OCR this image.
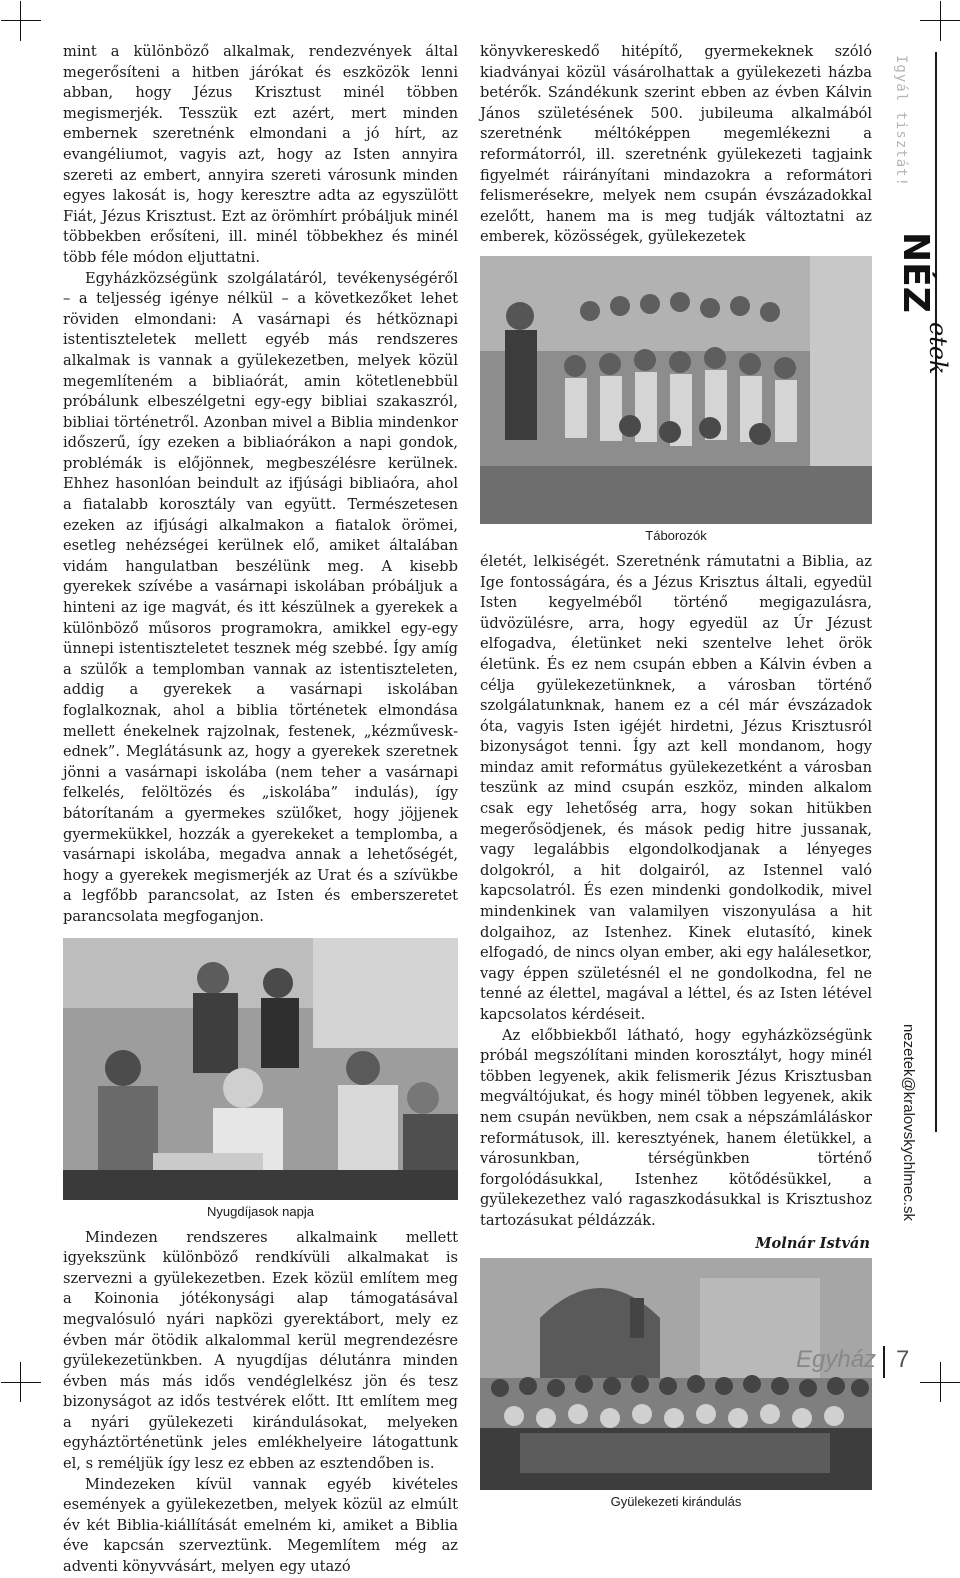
mint a különböző alkalmak, rendezvények által megerősíteni a hitben járókat és eszközök lenni abban, hogy Jézus Krisztust minél többen megismerjék. Tesszük ezt azért, mert minden embernek szeretnénk elmondani a jó hírt, az evangéliumot, vagyis azt, hogy az Isten annyira szereti az embert, annyira szereti városunk minden egyes lakosát is, hogy keresztre adta az egyszülött Fiát, Jézus Krisztust. Ezt az örömhírt próbáljuk minél többekben erősíteni, ill. minél többekhez és minél több féle módon eljuttatni.

Egyházközségünk szolgálatáról, tevékenységéről – a teljesség igénye nélkül – a következőket lehet röviden elmondani: A vasárnapi és hétköznapi istentiszteletek mellett egyéb más rendszeres alkalmak is vannak a gyülekezetben, melyek közül megemlíteném a bibliaórát, amin kötetlenebbül próbálunk elbeszélgetni egy-egy bibliai szakaszról, bibliai történetről. Azonban mivel a Biblia mindenkor időszerű, így ezeken a bibliaórákon a napi gondok, problémák is előjönnek, megbeszélésre kerülnek. Ehhez hasonlóan beindult az ifjúsági bibliaóra, ahol a fiatalabb korosztály van együtt. Természetesen ezeken az ifjúsági alkalmakon a fiatalok örömei, esetleg nehézségei kerülnek elő, amiket általában vidám hangulatban beszélünk meg. A kisebb gyerekek szívébe a vasárnapi iskolában próbáljuk a hinteni az ige magvát, és itt készülnek a gyerekek a különböző műsoros programokra, amikkel egy-egy ünnepi istentiszteletet tesznek még szebbé. Így amíg a szülők a templomban vannak az istentiszteleten, addig a gyerekek a vasárnapi iskolában foglalkoznak, ahol a biblia történetek elmondása mellett énekelnek rajzolnak, festenek, „kézműveskednek”. Meglátásunk az, hogy a gyerekek szeretnek jönni a vasárnapi iskolába (nem teher a vasárnapi felkelés, felöltözés és „iskolába” indulás), így bátorítanám a gyermekes szülőket, hogy jöjjenek gyermekükkel, hozzák a gyerekeket a templomba, a vasárnapi iskolába, megadva annak a lehetőségét, hogy a gyerekek megismerjék az Urat és a szívükbe a legfőbb parancsolat, az Isten és emberszeretet parancsolata megfoganjon.

Nyugdíjasok napja

Mindezen rendszeres alkalmaink mellett igyekszünk különböző rendkívüli alkalmakat is szervezni a gyülekezetben. Ezek közül említem meg a Koinonia jótékonysági alap támogatásával megvalósuló nyári napközi gyerektábort, mely ez évben már ötödik alkalommal kerül megrendezésre gyülekezetünkben. A nyugdíjas délutánra minden évben más más idős vendéglelkész jön és tesz bizonyságot az idős testvérek előtt. Itt említem meg a nyári gyülekezeti kirándulásokat, melyeken egyháztörténetünk jeles emlékhelyeire látogattunk el, s reméljük így lesz ez ebben az esztendőben is.

Mindezeken kívül vannak egyéb kivételes események a gyülekezetben, melyek közül az elmúlt év két Biblia-kiállítását emelném ki, amiket a Biblia éve kapcsán szerveztünk. Megemlítem még az adventi könyvvásárt, melyen egy utazó

könyvkereskedő hitépítő, gyermekeknek szóló kiadványai közül vásárolhattak a gyülekezeti házba betérők. Szándékunk szerint ebben az évben Kálvin János születésének 500. jubileuma alkalmából szeretnénk méltóképpen megemlékezni a reformátorról, ill. szeretnénk gyülekezeti tagjaink figyelmét ráirányítani mindazokra a reformátori felismerésekre, melyek nem csupán évszázadokkal ezelőtt, hanem ma is meg tudják változtatni az emberek, közösségek, gyülekezetek

Táborozók

életét, lelkiségét. Szeretnénk rámutatni a Biblia, az Ige fontosságára, és a Jézus Krisztus általi, egyedül Isten kegyelméből történő megigazulásra, üdvözülésre, arra, hogy egyedül az Úr Jézust elfogadva, életünket neki szentelve lehet örök életünk. És ez nem csupán ebben a Kálvin évben a célja gyülekezetünknek, a városban történő szolgálatunknak, hanem ez a cél már évszázadok óta, vagyis Isten igéjét hirdetni, Jézus Krisztusról bizonyságot tenni. Így azt kell mondanom, hogy mindaz amit református gyülekezetként a városban teszünk az mind csupán eszköz, minden alkalom csak egy lehetőség arra, hogy sokan hitükben megerősödjenek, és mások pedig hitre jussanak, vagy legalábbis elgondolkodjanak a lényeges dolgokról, a hit dolgairól, az Istennel való kapcsolatról. És ezen mindenki gondolkodik, mivel mindenkinek van valamilyen viszonyulása a hit dolgaihoz, az Istenhez. Kinek elutasító, kinek elfogadó, de nincs olyan ember, aki egy halálesetkor, vagy éppen születésnél el ne gondolkodna, fel ne tenné az élettel, magával a léttel, és az Isten létével kapcsolatos kérdéseit.

Az előbbiekből látható, hogy egyházközségünk próbál megszólítani minden korosztályt, hogy minél többen legyenek, akik felismerik Jézus Krisztusban megváltójukat, és hogy minél többen legyenek, akik nem csupán nevükben, nem csak a népszámláláskor reformátusok, ill. keresztyének, hanem életükkel, a városunkban, térségünkben történő forgolódásukkal, Istenhez kötődésükkel, a gyülekezethez való ragaszkodásukkal is Krisztushoz tartozásukat példázzák.

Molnár István
Gyülekezeti kirándulás
Igyál tisztát!
NÉZ
etek
nezetek@kralovskychlmec.sk
Egyház 7
